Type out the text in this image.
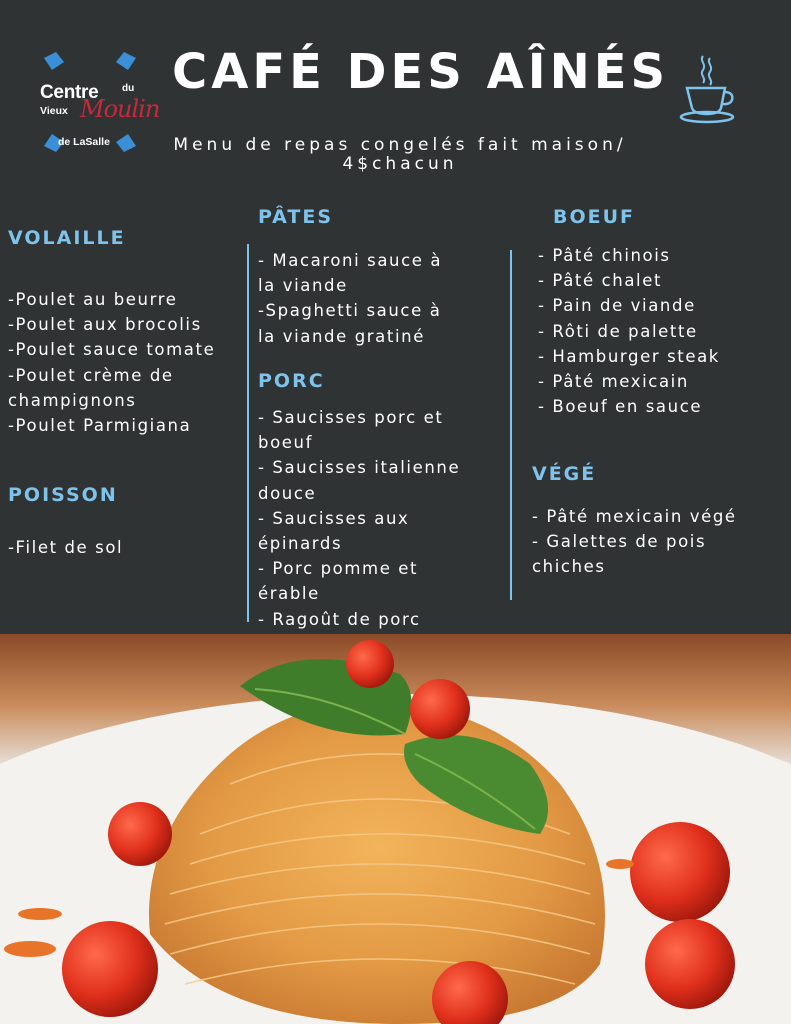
Centre du
Vieux Moulin
de LaSalle
CAFÉ DES AÎNÉS
Menu de repas congelés fait maison/ 4$chacun
VOLAILLE
-Poulet au beurre
-Poulet aux brocolis
-Poulet sauce tomate
-Poulet crème de
champignons
-Poulet Parmigiana
POISSON
-Filet de sol
PÂTES
- Macaroni sauce à
la viande
-Spaghetti sauce à
la viande gratiné
PORC
- Saucisses porc et
boeuf
- Saucisses italienne
douce
- Saucisses aux
épinards
- Porc pomme et
érable
- Ragoût de porc
BOEUF
- Pâté chinois
- Pâté chalet
- Pain de viande
- Rôti de palette
- Hamburger steak
- Pâté mexicain
- Boeuf en sauce
VÉGÉ
- Pâté mexicain végé
- Galettes de pois
chiches
